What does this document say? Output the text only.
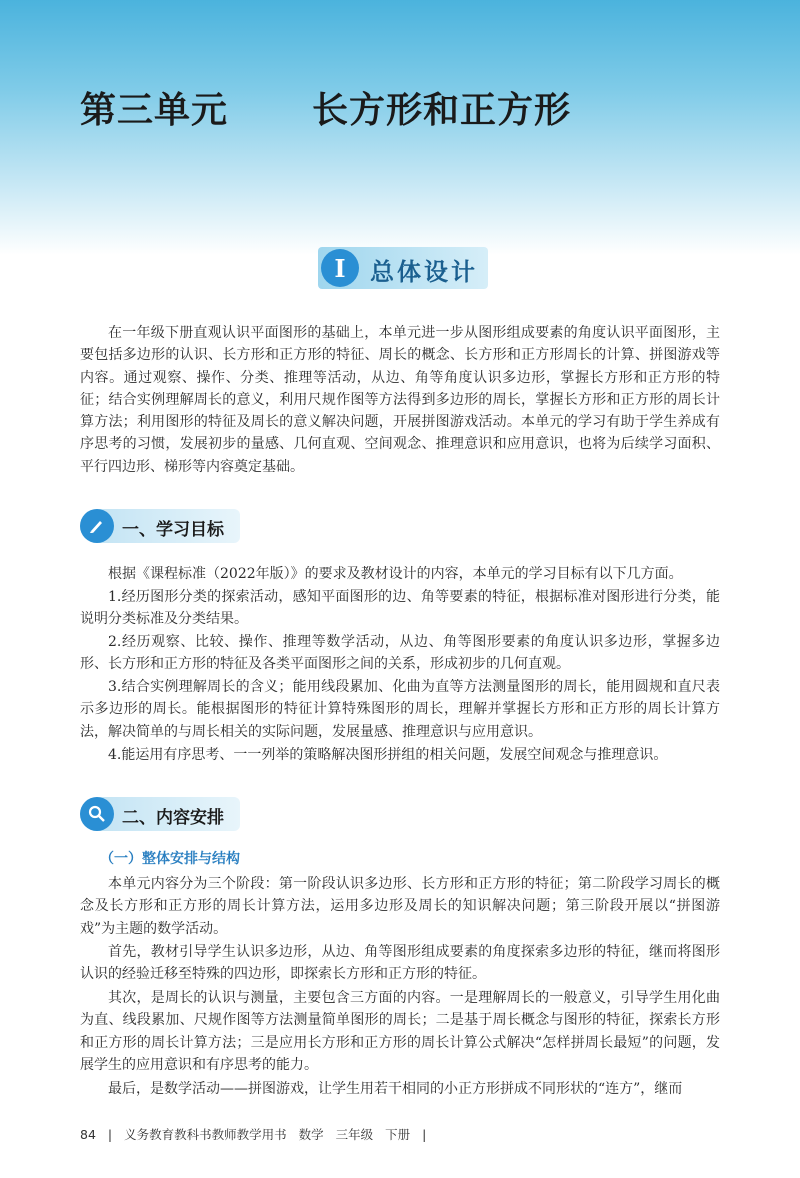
第三单元 长方形和正方形
I	总体设计

在一年级下册直观认识平面图形的基础上，本单元进一步从图形组成要素的角度认识平面图形，主要包括多边形的认识、长方形和正方形的特征、周长的概念、长方形和正方形周长的计算、拼图游戏等内容。通过观察、操作、分类、推理等活动，从边、角等角度认识多边形，掌握长方形和正方形的特征；结合实例理解周长的意义，利用尺规作图等方法得到多边形的周长，掌握长方形和正方形的周长计算方法；利用图形的特征及周长的意义解决问题，开展拼图游戏活动。本单元的学习有助于学生养成有序思考的习惯，发展初步的量感、几何直观、空间观念、推理意识和应用意识，也将为后续学习面积、平行四边形、梯形等内容奠定基础。

一、学习目标

根据《课程标准（2022年版）》的要求及教材设计的内容，本单元的学习目标有以下几方面。

1.经历图形分类的探索活动，感知平面图形的边、角等要素的特征，根据标准对图形进行分类，能说明分类标准及分类结果。

2.经历观察、比较、操作、推理等数学活动，从边、角等图形要素的角度认识多边形，掌握多边形、长方形和正方形的特征及各类平面图形之间的关系，形成初步的几何直观。

3.结合实例理解周长的含义；能用线段累加、化曲为直等方法测量图形的周长，能用圆规和直尺表示多边形的周长。能根据图形的特征计算特殊图形的周长，理解并掌握长方形和正方形的周长计算方法，解决简单的与周长相关的实际问题，发展量感、推理意识与应用意识。

4.能运用有序思考、一一列举的策略解决图形拼组的相关问题，发展空间观念与推理意识。

二、内容安排
（一）整体安排与结构

本单元内容分为三个阶段：第一阶段认识多边形、长方形和正方形的特征；第二阶段学习周长的概念及长方形和正方形的周长计算方法，运用多边形及周长的知识解决问题；第三阶段开展以“拼图游戏”为主题的数学活动。

首先，教材引导学生认识多边形，从边、角等图形组成要素的角度探索多边形的特征，继而将图形认识的经验迁移至特殊的四边形，即探索长方形和正方形的特征。

其次，是周长的认识与测量，主要包含三方面的内容。一是理解周长的一般意义，引导学生用化曲为直、线段累加、尺规作图等方法测量简单图形的周长；二是基于周长概念与图形的特征，探索长方形和正方形的周长计算方法；三是应用长方形和正方形的周长计算公式解决“怎样拼周长最短”的问题，发展学生的应用意识和有序思考的能力。

最后，是数学活动——拼图游戏，让学生用若干相同的小正方形拼成不同形状的“连方”，继而

84 | 义务教育教科书教师教学用书 数学 三年级 下册 |
